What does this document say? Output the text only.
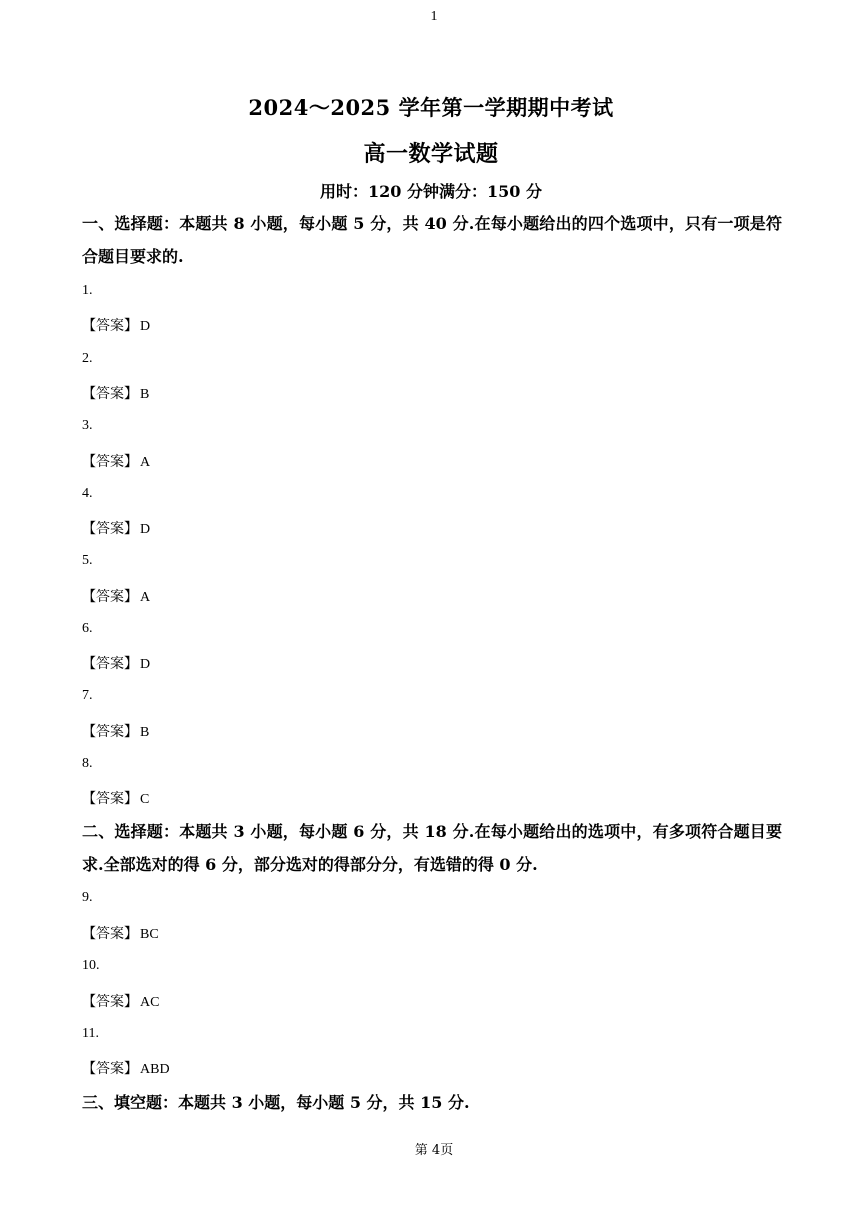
1
2024～2025 学年第一学期期中考试
高一数学试题
用时：120 分钟满分：150 分
一、选择题：本题共 8 小题，每小题 5 分，共 40 分.在每小题给出的四个选项中，只有一项是符合题目要求的.
1.
【答案】 D
2.
【答案】 B
3.
【答案】 A
4.
【答案】 D
5.
【答案】 A
6.
【答案】 D
7.
【答案】 B
8.
【答案】 C
二、选择题：本题共 3 小题，每小题 6 分，共 18 分.在每小题给出的选项中，有多项符合题目要求.全部选对的得 6 分，部分选对的得部分分，有选错的得 0 分.
9.
【答案】 BC
10.
【答案】 AC
11.
【答案】 ABD
三、填空题：本题共 3 小题，每小题 5 分，共 15 分.
第 4页
